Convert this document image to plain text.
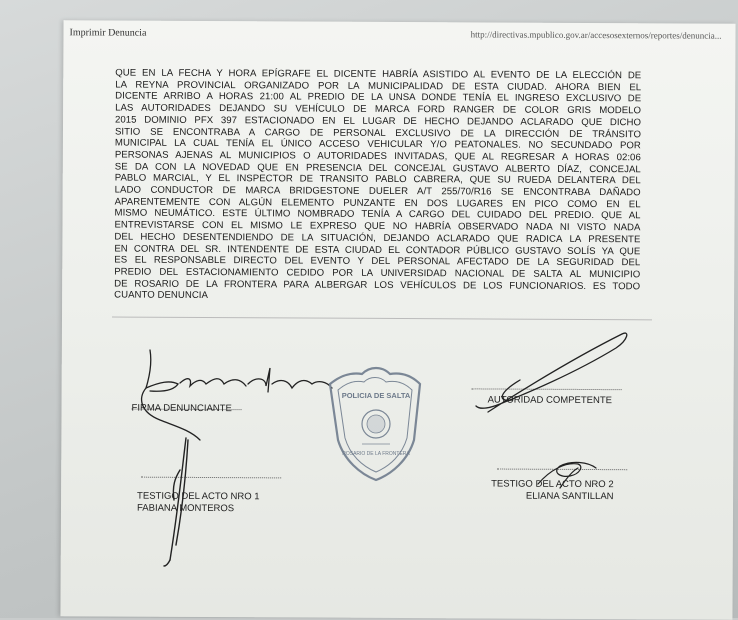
Imprimir Denuncia	http://directivas.mpublico.gov.ar/accesosexternos/reportes/denuncia...
QUE EN LA FECHA Y HORA EPÍGRAFE EL DICENTE HABRÍA ASISTIDO AL EVENTO DE LA ELECCIÓN DE
LA REYNA PROVINCIAL ORGANIZADO POR LA MUNICIPALIDAD DE ESTA CIUDAD. AHORA BIEN EL
DICENTE ARRIBO A HORAS 21:00 AL PREDIO DE LA UNSA DONDE TENÍA EL INGRESO EXCLUSIVO DE
LAS AUTORIDADES DEJANDO SU VEHÍCULO DE MARCA FORD RANGER DE COLOR GRIS MODELO
2015 DOMINIO PFX 397 ESTACIONADO EN EL LUGAR DE HECHO DEJANDO ACLARADO QUE DICHO
SITIO SE ENCONTRABA A CARGO DE PERSONAL EXCLUSIVO DE LA DIRECCIÓN DE TRÁNSITO
MUNICIPAL LA CUAL TENÍA EL ÚNICO ACCESO VEHICULAR Y/O PEATONALES. NO SECUNDADO POR
PERSONAS AJENAS AL MUNICIPIOS O AUTORIDADES INVITADAS, QUE AL REGRESAR A HORAS 02:06
SE DA CON LA NOVEDAD QUE EN PRESENCIA DEL CONCEJAL GUSTAVO ALBERTO DÍAZ, CONCEJAL
PABLO MARCIAL, Y EL INSPECTOR DE TRANSITO PABLO CABRERA, QUE SU RUEDA DELANTERA DEL
LADO CONDUCTOR DE MARCA BRIDGESTONE DUELER A/T 255/70/R16 SE ENCONTRABA DAÑADO
APARENTEMENTE CON ALGÚN ELEMENTO PUNZANTE EN DOS LUGARES EN PICO COMO EN EL
MISMO NEUMÁTICO. ESTE ÚLTIMO NOMBRADO TENÍA A CARGO DEL CUIDADO DEL PREDIO. QUE AL
ENTREVISTARSE CON EL MISMO LE EXPRESO QUE NO HABRÍA OBSERVADO NADA NI VISTO NADA
DEL HECHO DESENTENDIENDO DE LA SITUACIÓN, DEJANDO ACLARADO QUE RADICA LA PRESENTE
EN CONTRA DEL SR. INTENDENTE DE ESTA CIUDAD EL CONTADOR PÚBLICO GUSTAVO SOLÍS YA QUE
ES EL RESPONSABLE DIRECTO DEL EVENTO Y DEL PERSONAL AFECTADO DE LA SEGURIDAD DEL
PREDIO DEL ESTACIONAMIENTO CEDIDO POR LA UNIVERSIDAD NACIONAL DE SALTA AL MUNICIPIO
DE ROSARIO DE LA FRONTERA PARA ALBERGAR LOS VEHÍCULOS DE LOS FUNCIONARIOS. ES TODO
CUANTO DENUNCIA
FIRMA DENUNCIANTE
AUTORIDAD COMPETENTE
TESTIGO DEL ACTO NRO 1
FABIANA MONTEROS
TESTIGO DEL ACTO NRO 2
ELIANA SANTILLAN
POLICIA DE SALTA
ROSARIO DE LA FRONTERA
